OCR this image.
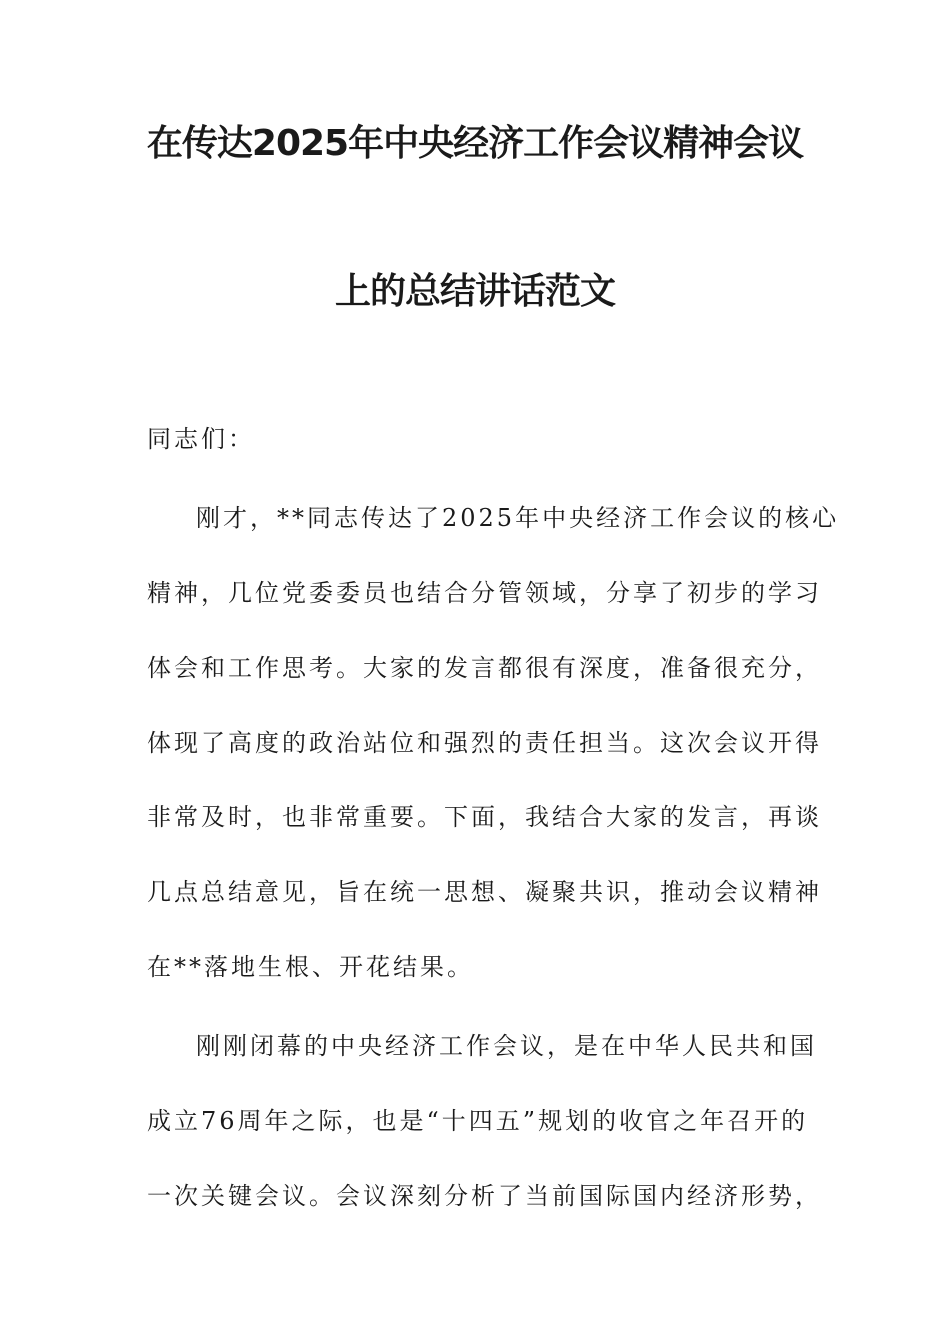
在传达2025年中央经济工作会议精神会议
上的总结讲话范文
同志们：
刚才，**同志传达了2025年中央经济工作会议的核心
精神，几位党委委员也结合分管领域，分享了初步的学习
体会和工作思考。大家的发言都很有深度，准备很充分，
体现了高度的政治站位和强烈的责任担当。这次会议开得
非常及时，也非常重要。下面，我结合大家的发言，再谈
几点总结意见，旨在统一思想、凝聚共识，推动会议精神
在**落地生根、开花结果。
刚刚闭幕的中央经济工作会议，是在中华人民共和国
成立76周年之际，也是“十四五”规划的收官之年召开的
一次关键会议。会议深刻分析了当前国际国内经济形势，
